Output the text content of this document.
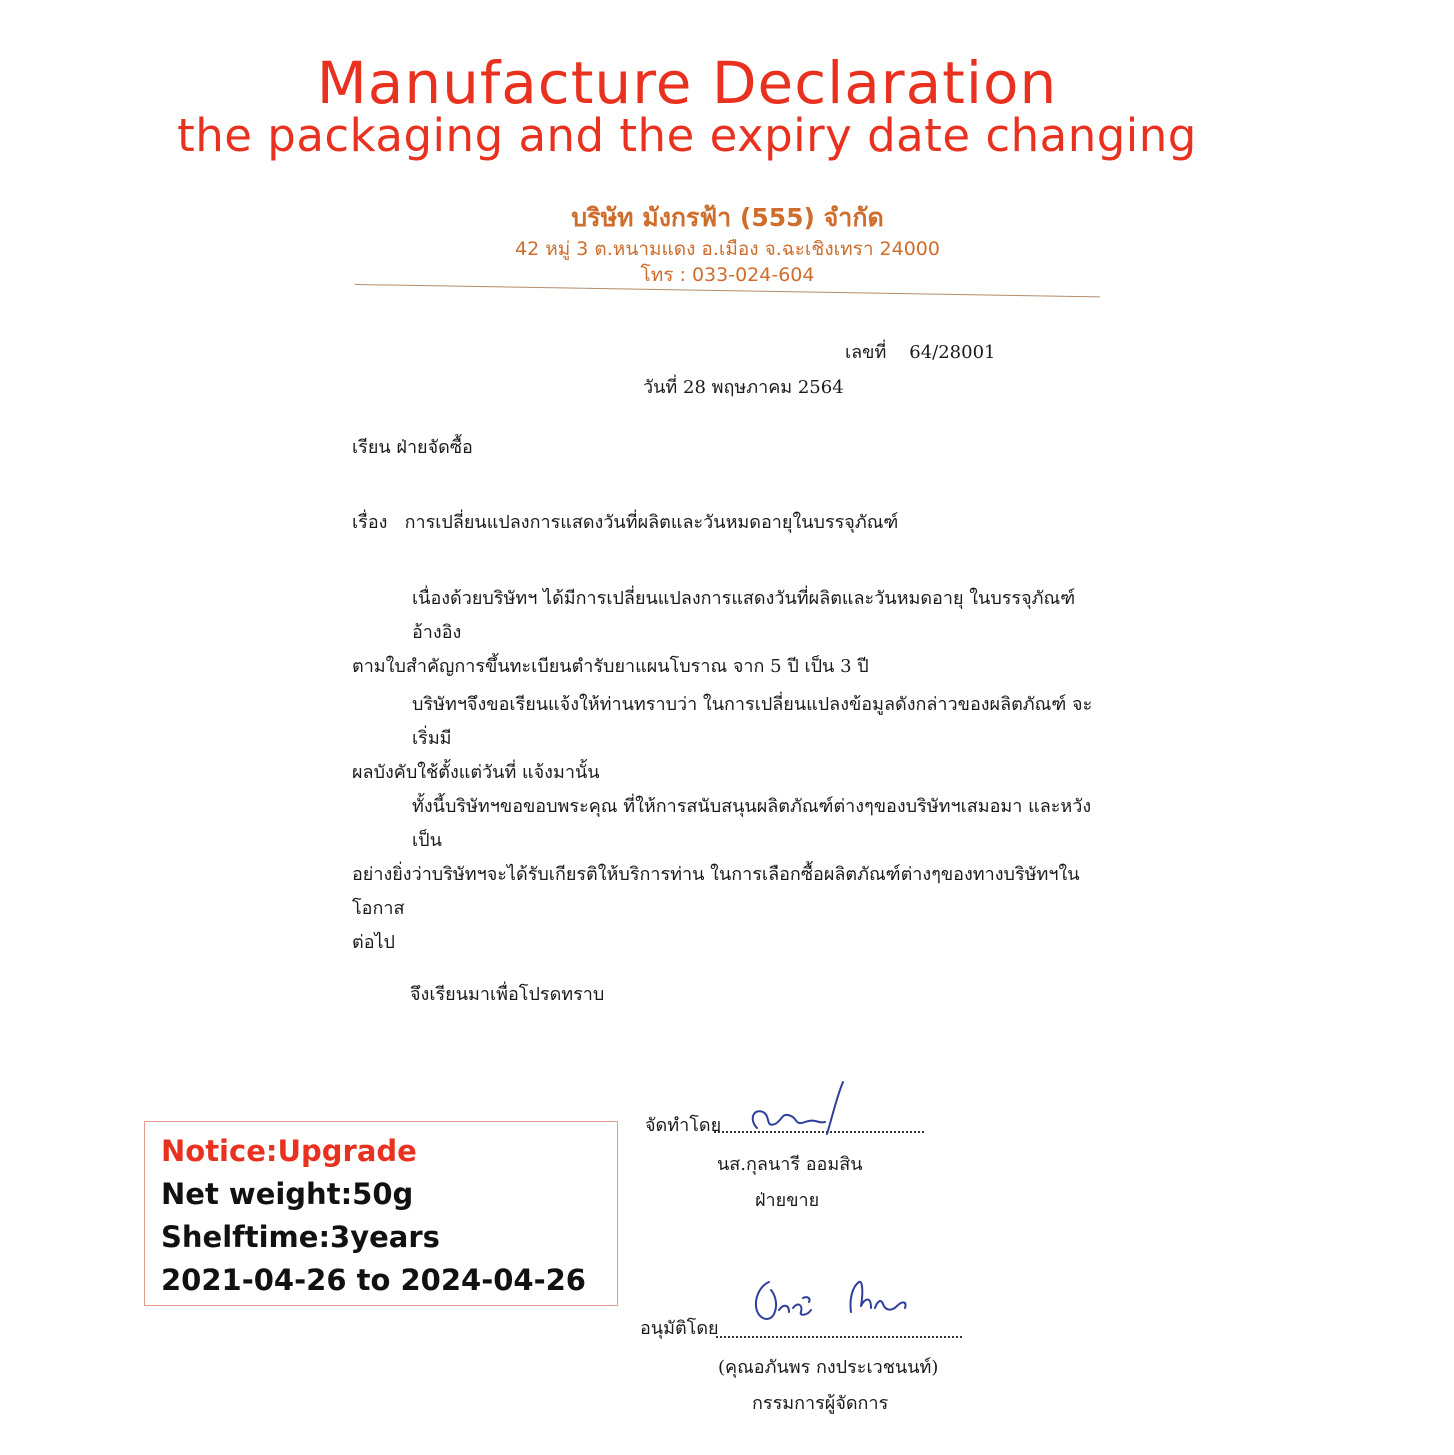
Manufacture Declaration
the packaging and the expiry date changing
บริษัท มังกรฟ้า (555) จำกัด
42 หมู่ 3 ต.หนามแดง อ.เมือง จ.ฉะเชิงเทรา 24000
โทร : 033-024-604
เลขที่ 64/28001
วันที่ 28 พฤษภาคม 2564
เรียน ฝ่ายจัดซื้อ
เรื่อง การเปลี่ยนแปลงการแสดงวันที่ผลิตและวันหมดอายุในบรรจุภัณฑ์
เนื่องด้วยบริษัทฯ ได้มีการเปลี่ยนแปลงการแสดงวันที่ผลิตและวันหมดอายุ ในบรรจุภัณฑ์ อ้างอิง
ตามใบสำคัญการขึ้นทะเบียนตำรับยาแผนโบราณ จาก 5 ปี เป็น 3 ปี
บริษัทฯจึงขอเรียนแจ้งให้ท่านทราบว่า ในการเปลี่ยนแปลงข้อมูลดังกล่าวของผลิตภัณฑ์ จะเริ่มมี
ผลบังคับใช้ตั้งแต่วันที่ แจ้งมานั้น
ทั้งนี้บริษัทฯขอขอบพระคุณ ที่ให้การสนับสนุนผลิตภัณฑ์ต่างๆของบริษัทฯเสมอมา และหวังเป็น
อย่างยิ่งว่าบริษัทฯจะได้รับเกียรติให้บริการท่าน ในการเลือกซื้อผลิตภัณฑ์ต่างๆของทางบริษัทฯในโอกาส
ต่อไป
จึงเรียนมาเพื่อโปรดทราบ
จัดทำโดย
นส.กุลนารี ออมสิน
ฝ่ายขาย
Notice:Upgrade
Net weight:50g
Shelftime:3years
2021-04-26 to 2024-04-26
อนุมัติโดย
(คุณอภันพร กงประเวชนนท์)
กรรมการผู้จัดการ
